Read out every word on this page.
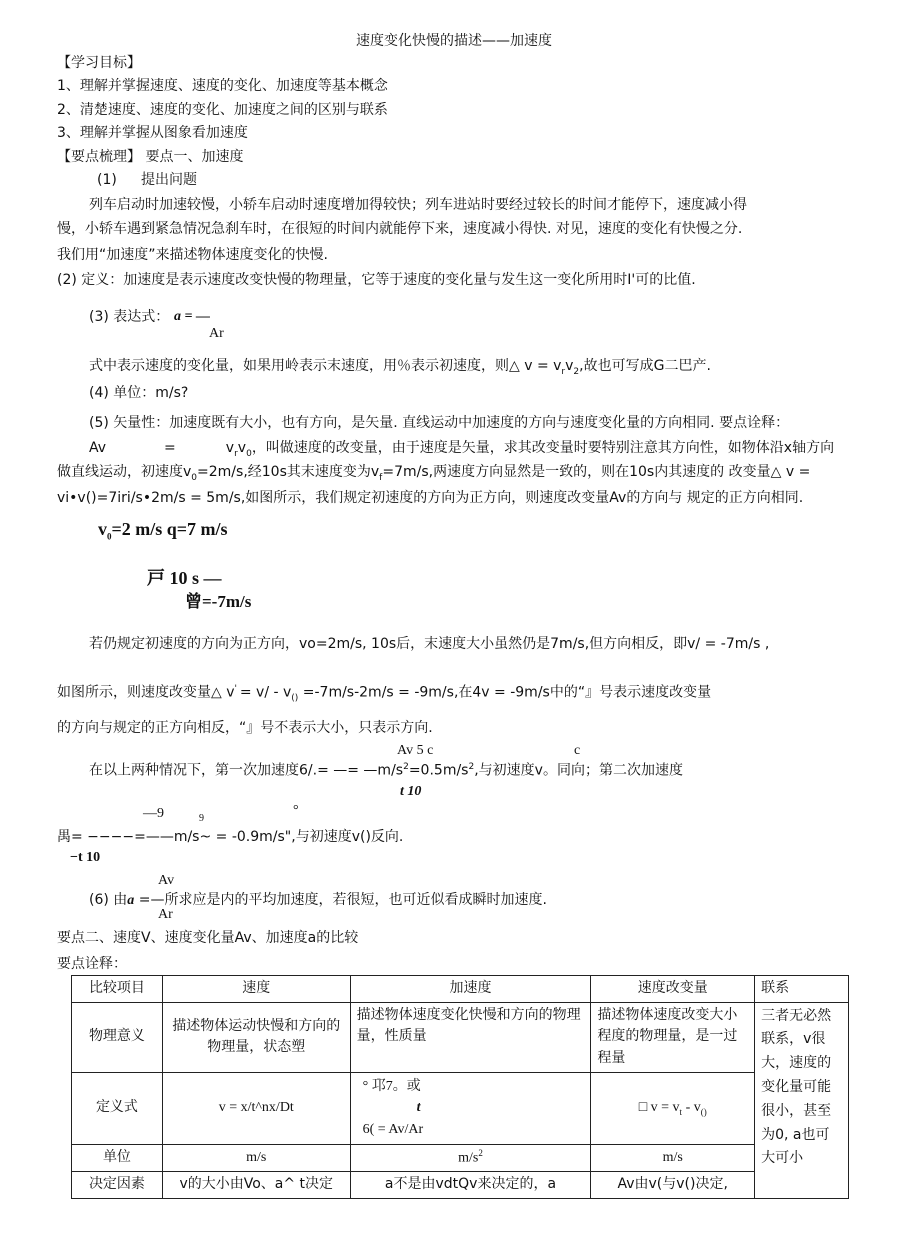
速度变化快慢的描述——加速度
【学习目标】
1、理解并掌握速度、速度的变化、加速度等基本概念
2、清楚速度、速度的变化、加速度之间的区别与联系
3、理解并掌握从图象看加速度
【要点梳理】 要点一、加速度
(1) 提出问题
列车启动时加速较慢，小轿车启动时速度增加得较快；列车进站时要经过较长的时间才能停下，速度减小得
慢，小轿车遇到紧急情况急刹车时，在很短的时间内就能停下来，速度减小得快. 对见，速度的变化有快慢之分.
我们用“加速度”来描述物体速度变化的快慢.
(2) 定义：加速度是表示速度改变快慢的物理量，它等于速度的变化量与发生这一变化所用时I'可的比值.
(3) 表达式： a = —
Ar
式中表示速度的变化量，如果用岭表示末速度，用％表示初速度，则△ $v = v_rv_2$,故也可写成G二巴产.
(4) 单位：m/s?
(5) 矢量性：加速度既有大小，也有方向，是矢量. 直线运动中加速度的方向与速度变化量的方向相同. 要点诠释：
Av	=	$v_rv_0$，叫做速度的改变量，由于速度是矢量，求其改变量时要特别注意其方向性，如物体沿x轴方向
做直线运动，初速度$v_0=2m/s$,经10s其末速度变为$v_f=7m/s$,两速度方向显然是一致的，则在10s内其速度的 改变量△ v =
vi•v()=7iri/s•2m/s = 5m/s,如图所示，我们规定初速度的方向为正方向，则速度改变量Av的方向与 规定的正方向相同.
$v_0=2$ m/s q=7 m/s
戸 10 s —
曾=-7m/s
若仍规定初速度的方向为正方向，vo=2m/s, 10s后，末速度大小虽然仍是7m/s,但方向相反，即v/ = -7m/s ,
如图所示，则速度改变量△ $v' = v/ - v_{()} =-7m/s-2m/s = -9m/s$,在4v = -9m/s中的“』号表示速度改变量
的方向与规定的正方向相反，“』号不表示大小，只表示方向.
Av 5 c	c
在以上两种情况下，第一次加速度6/.= —= $—m/s^2=0.5m/s^2$,与初速度v。同向；第二次加速度
t 10
—9	9
°
禺= −−−−=——m/s~ = -0.9m/s",与初速度v()反向.
−t 10
Av
(6) 由a =—所求应是内的平均加速度，若很短，也可近似看成瞬时加速度.
Ar
要点二、速度V、速度变化量Av、加速度a的比较
要点诠释：
比较项目	速度	加速度	速度改变量	联系
物理意义	描述物体运动快慢和方向的物理量，状态塑	描述物体速度变化快慢和方向的物理量，性质量	描述物体速度改变大小程度的物理量，是一过程量	三者无必然联系，v很大，速度的变化量可能很小，甚至为0, a也可大可小
定义式	v = x/t^nx/Dt	° 邛7。或
t
6( = Av/Ar	□ $v = v_t - v_{()}$
单位	m/s	$m/s^2$	m/s	
决定因素	v的大小由Vo、a^ t决定	a不是由vdtQv来决定的，a	Av由v(与v()决定,	
